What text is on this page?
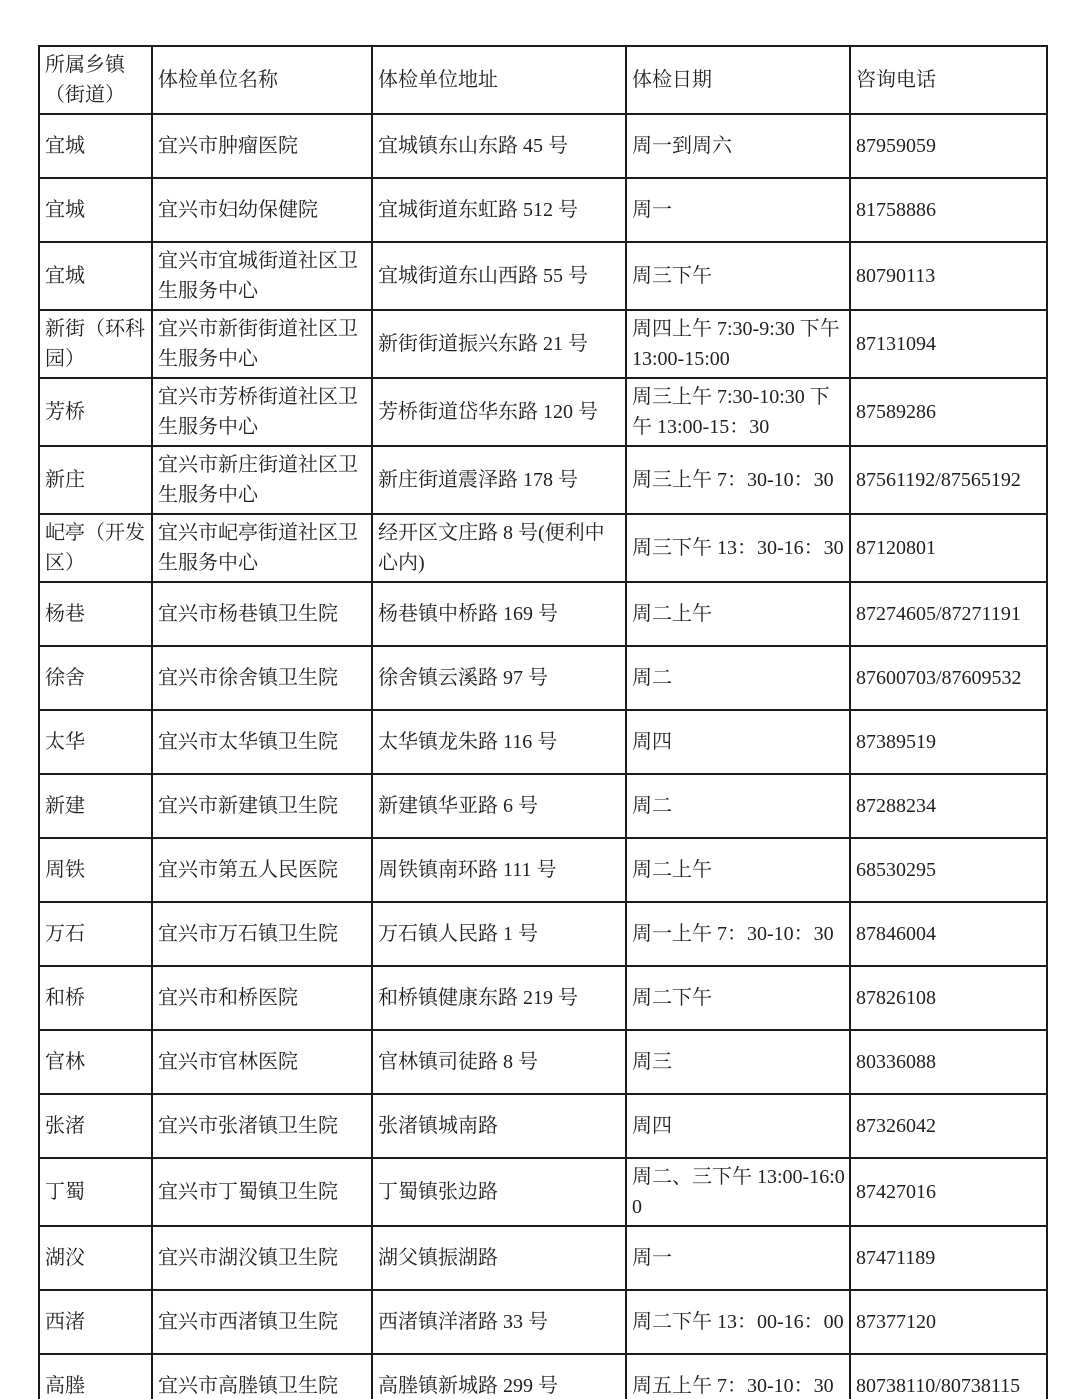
所属乡镇（街道）	体检单位名称	体检单位地址	体检日期	咨询电话
宜城	宜兴市肿瘤医院	宜城镇东山东路 45 号	周一到周六	87959059
宜城	宜兴市妇幼保健院	宜城街道东虹路 512 号	周一	81758886
宜城	宜兴市宜城街道社区卫生服务中心	宜城街道东山西路 55 号	周三下午	80790113
新街（环科园）	宜兴市新街街道社区卫生服务中心	新街街道振兴东路 21 号	周四上午 7:30-9:30 下午 13:00-15:00	87131094
芳桥	宜兴市芳桥街道社区卫生服务中心	芳桥街道岱华东路 120 号	周三上午 7:30-10:30 下午 13:00-15：30	87589286
新庄	宜兴市新庄街道社区卫生服务中心	新庄街道震泽路 178 号	周三上午 7：30-10：30	87561192/87565192
屺亭（开发区）	宜兴市屺亭街道社区卫生服务中心	经开区文庄路 8 号(便利中心内)	周三下午 13：30-16：30	87120801
杨巷	宜兴市杨巷镇卫生院	杨巷镇中桥路 169 号	周二上午	87274605/87271191
徐舍	宜兴市徐舍镇卫生院	徐舍镇云溪路 97 号	周二	87600703/87609532
太华	宜兴市太华镇卫生院	太华镇龙朱路 116 号	周四	87389519
新建	宜兴市新建镇卫生院	新建镇华亚路 6 号	周二	87288234
周铁	宜兴市第五人民医院	周铁镇南环路 111 号	周二上午	68530295
万石	宜兴市万石镇卫生院	万石镇人民路 1 号	周一上午 7：30-10：30	87846004
和桥	宜兴市和桥医院	和桥镇健康东路 219 号	周二下午	87826108
官林	宜兴市官林医院	官林镇司徒路 8 号	周三	80336088
张渚	宜兴市张渚镇卫生院	张渚镇城南路	周四	87326042
丁蜀	宜兴市丁蜀镇卫生院	丁蜀镇张边路	周二、三下午 13:00-16:00	87427016
湖㳇	宜兴市湖㳇镇卫生院	湖父镇振湖路	周一	87471189
西渚	宜兴市西渚镇卫生院	西渚镇洋渚路 33 号	周二下午 13：00-16：00	87377120
高塍	宜兴市高塍镇卫生院	高塍镇新城路 299 号	周五上午 7：30-10：30	80738110/80738115
